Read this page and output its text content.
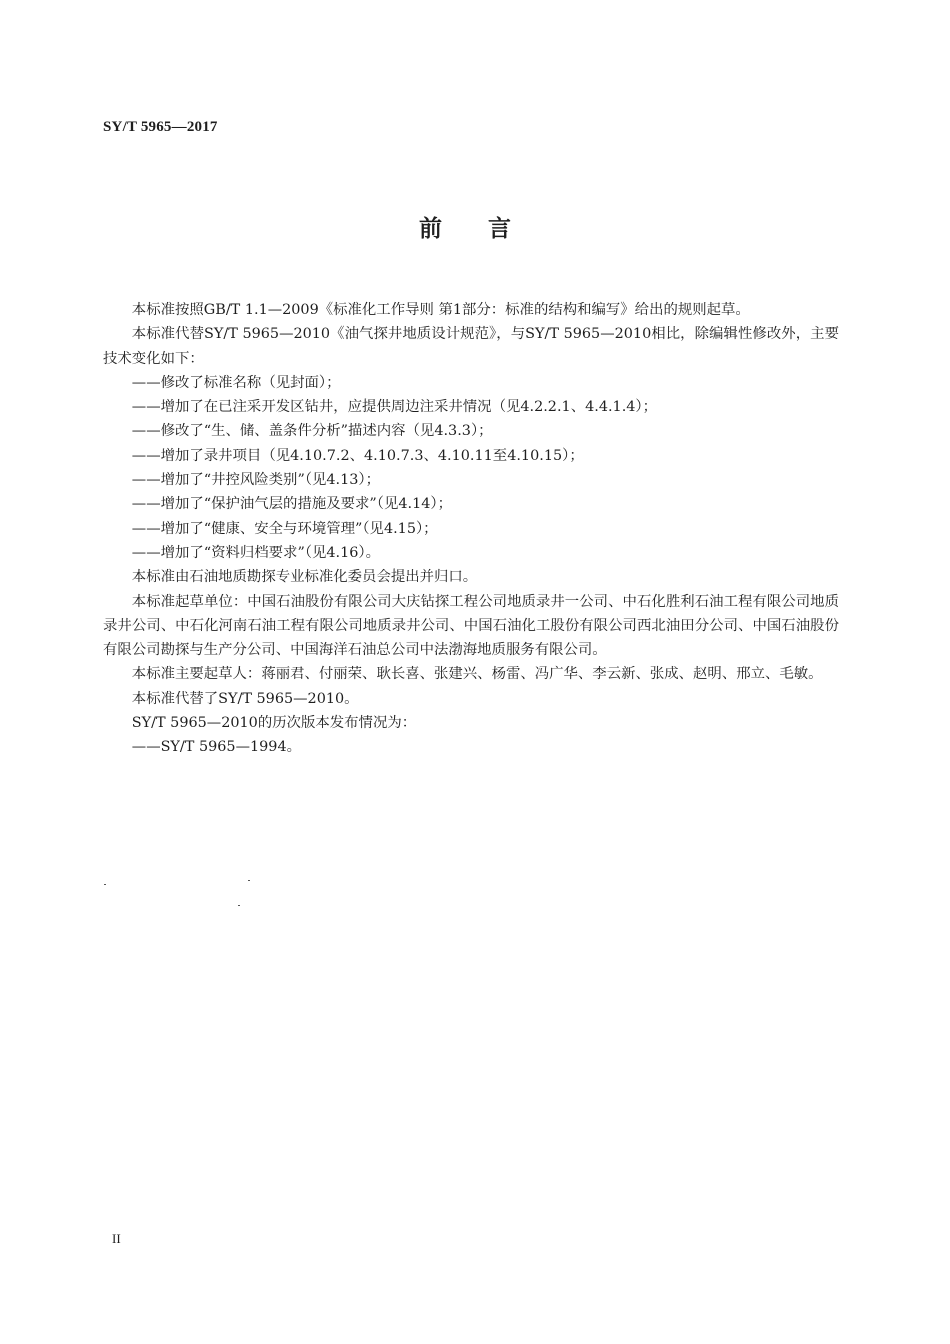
SY/T 5965—2017
前 言

本标准按照GB/T 1.1—2009《标准化工作导则 第1部分：标准的结构和编写》给出的规则起草。

本标准代替SY/T 5965—2010《油气探井地质设计规范》，与SY/T 5965—2010相比，除编辑性修改外，主要技术变化如下：

——修改了标准名称（见封面）；

——增加了在已注采开发区钻井，应提供周边注采井情况（见4.2.2.1、4.4.1.4）；

——修改了“生、储、盖条件分析”描述内容（见4.3.3）；

——增加了录井项目（见4.10.7.2、4.10.7.3、4.10.11至4.10.15）；

——增加了“井控风险类别”（见4.13）；

——增加了“保护油气层的措施及要求”（见4.14）；

——增加了“健康、安全与环境管理”（见4.15）；

——增加了“资料归档要求”（见4.16）。

本标准由石油地质勘探专业标准化委员会提出并归口。

本标准起草单位：中国石油股份有限公司大庆钻探工程公司地质录井一公司、中石化胜利石油工程有限公司地质录井公司、中石化河南石油工程有限公司地质录井公司、中国石油化工股份有限公司西北油田分公司、中国石油股份有限公司勘探与生产分公司、中国海洋石油总公司中法渤海地质服务有限公司。

本标准主要起草人：蒋丽君、付丽荣、耿长喜、张建兴、杨雷、冯广华、李云新、张成、赵明、邢立、毛敏。

本标准代替了SY/T 5965—2010。

SY/T 5965—2010的历次版本发布情况为：

——SY/T 5965—1994。

II
